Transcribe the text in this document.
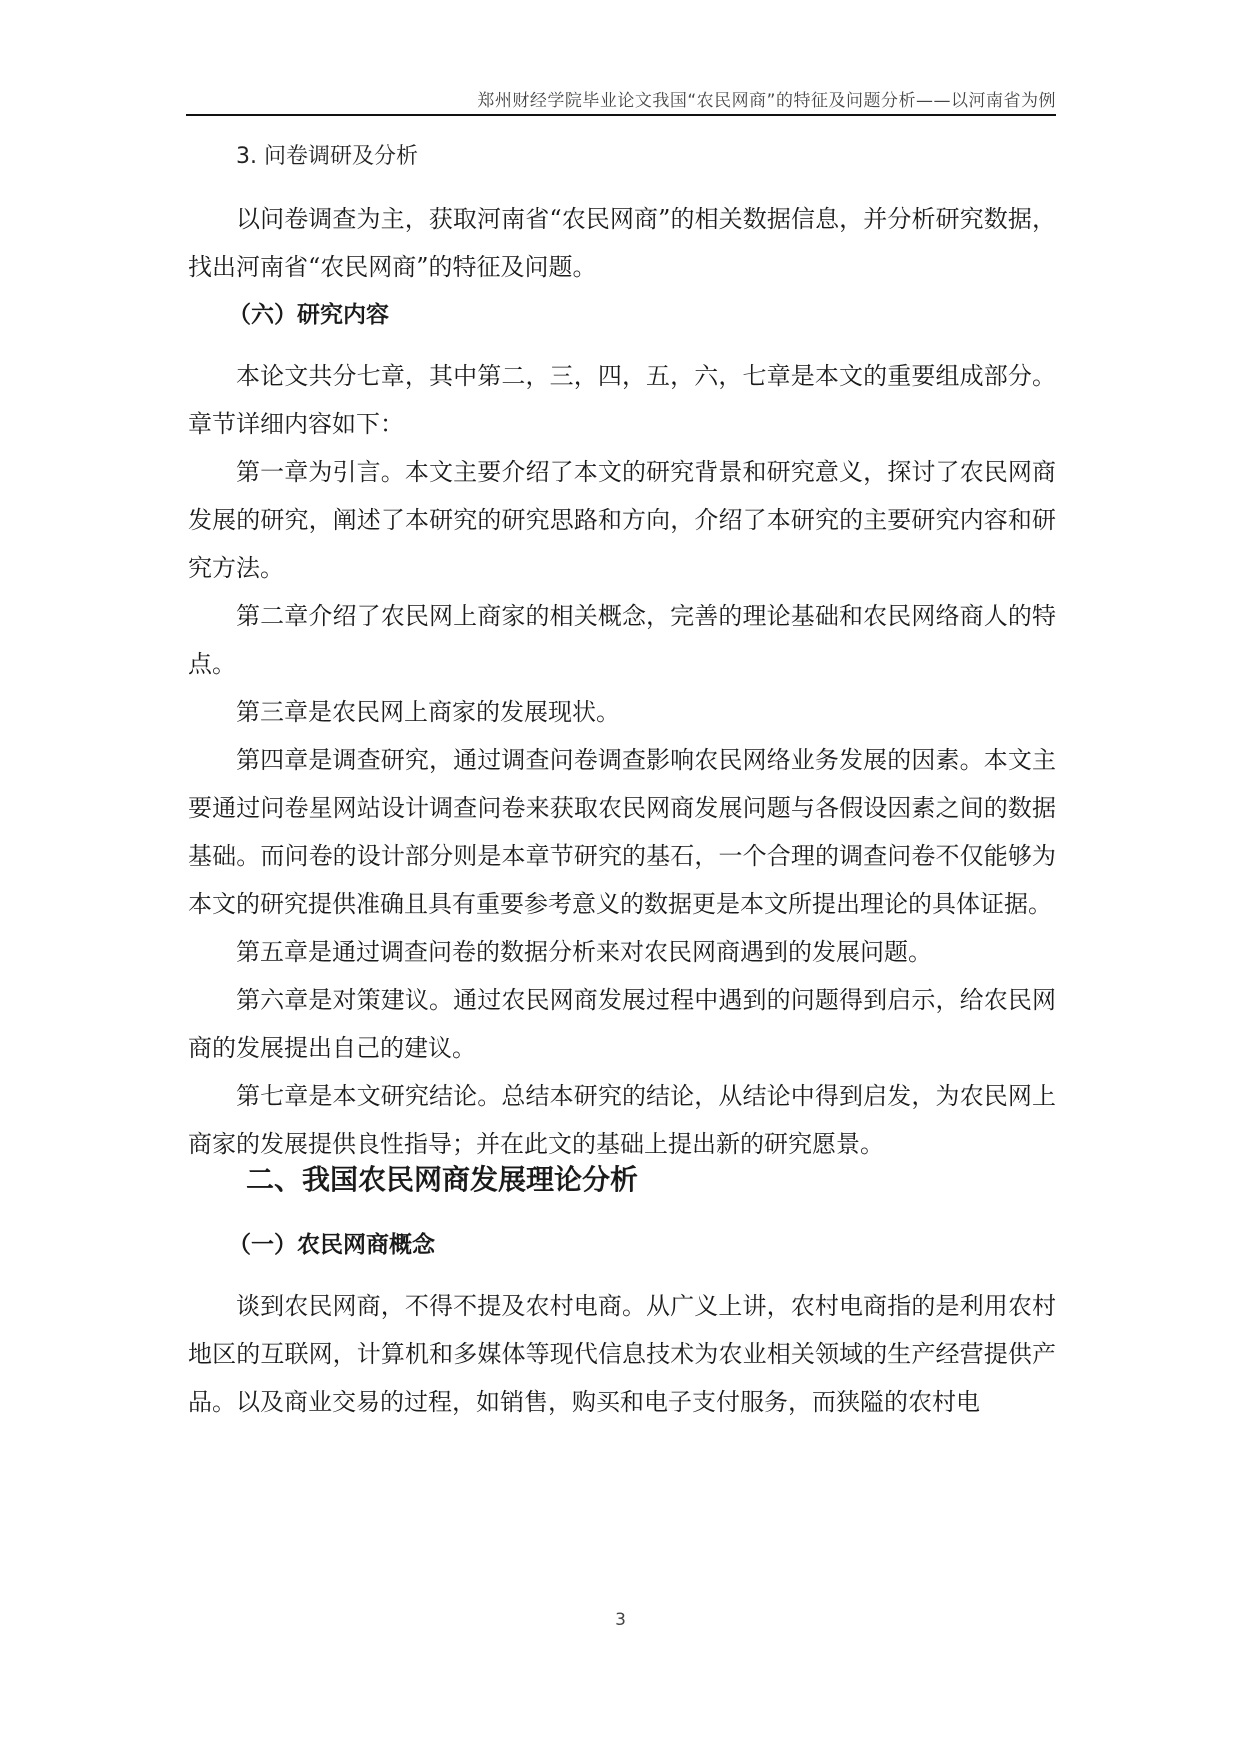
郑州财经学院毕业论文我国“农民网商”的特征及问题分析——以河南省为例
3. 问卷调研及分析

以问卷调查为主，获取河南省“农民网商”的相关数据信息，并分析研究数据，找出河南省“农民网商”的特征及问题。

（六）研究内容

本论文共分七章，其中第二，三，四，五，六，七章是本文的重要组成部分。章节详细内容如下：

第一章为引言。本文主要介绍了本文的研究背景和研究意义，探讨了农民网商发展的研究，阐述了本研究的研究思路和方向，介绍了本研究的主要研究内容和研究方法。

第二章介绍了农民网上商家的相关概念，完善的理论基础和农民网络商人的特点。

第三章是农民网上商家的发展现状。

第四章是调查研究，通过调查问卷调查影响农民网络业务发展的因素。本文主要通过问卷星网站设计调查问卷来获取农民网商发展问题与各假设因素之间的数据基础。而问卷的设计部分则是本章节研究的基石，一个合理的调查问卷不仅能够为本文的研究提供准确且具有重要参考意义的数据更是本文所提出理论的具体证据。

第五章是通过调查问卷的数据分析来对农民网商遇到的发展问题。

第六章是对策建议。通过农民网商发展过程中遇到的问题得到启示，给农民网商的发展提出自己的建议。

第七章是本文研究结论。总结本研究的结论，从结论中得到启发，为农民网上商家的发展提供良性指导；并在此文的基础上提出新的研究愿景。

二、我国农民网商发展理论分析
（一）农民网商概念

谈到农民网商，不得不提及农村电商。从广义上讲，农村电商指的是利用农村地区的互联网，计算机和多媒体等现代信息技术为农业相关领域的生产经营提供产品。以及商业交易的过程，如销售，购买和电子支付服务，而狭隘的农村电

3
